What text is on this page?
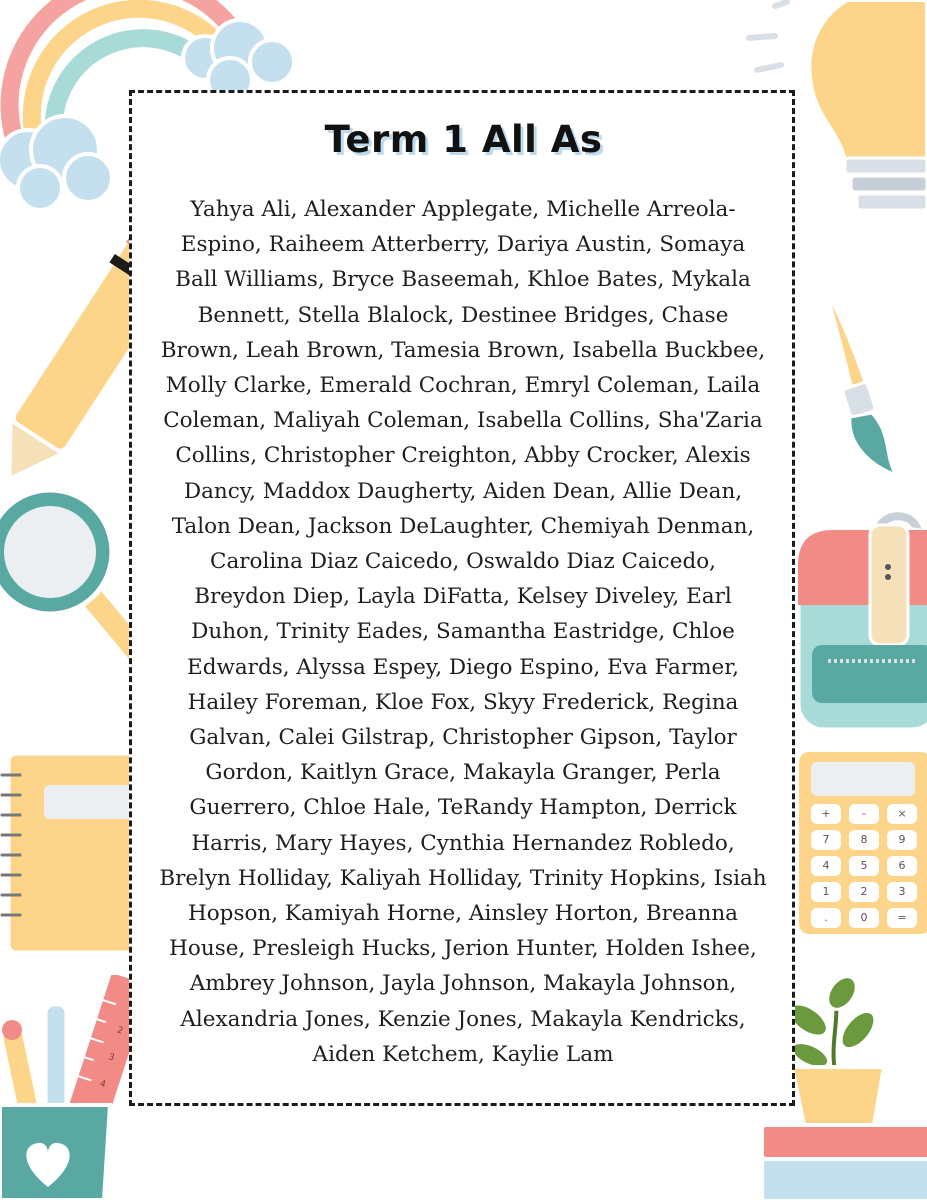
+	-	×
7	8	9
4	5	6
1	2	3
.	0	=
2
3
4
Term 1 All As
Yahya Ali, Alexander Applegate, Michelle Arreola-
Espino, Raiheem Atterberry, Dariya Austin, Somaya
Ball Williams, Bryce Baseemah, Khloe Bates, Mykala
Bennett, Stella Blalock, Destinee Bridges, Chase
Brown, Leah Brown, Tamesia Brown, Isabella Buckbee,
Molly Clarke, Emerald Cochran, Emryl Coleman, Laila
Coleman, Maliyah Coleman, Isabella Collins, Sha'Zaria
Collins, Christopher Creighton, Abby Crocker, Alexis
Dancy, Maddox Daugherty, Aiden Dean, Allie Dean,
Talon Dean, Jackson DeLaughter, Chemiyah Denman,
Carolina Diaz Caicedo, Oswaldo Diaz Caicedo,
Breydon Diep, Layla DiFatta, Kelsey Diveley, Earl
Duhon, Trinity Eades, Samantha Eastridge, Chloe
Edwards, Alyssa Espey, Diego Espino, Eva Farmer,
Hailey Foreman, Kloe Fox, Skyy Frederick, Regina
Galvan, Calei Gilstrap, Christopher Gipson, Taylor
Gordon, Kaitlyn Grace, Makayla Granger, Perla
Guerrero, Chloe Hale, TeRandy Hampton, Derrick
Harris, Mary Hayes, Cynthia Hernandez Robledo,
Brelyn Holliday, Kaliyah Holliday, Trinity Hopkins, Isiah
Hopson, Kamiyah Horne, Ainsley Horton, Breanna
House, Presleigh Hucks, Jerion Hunter, Holden Ishee,
Ambrey Johnson, Jayla Johnson, Makayla Johnson,
Alexandria Jones, Kenzie Jones, Makayla Kendricks,
Aiden Ketchem, Kaylie Lam
